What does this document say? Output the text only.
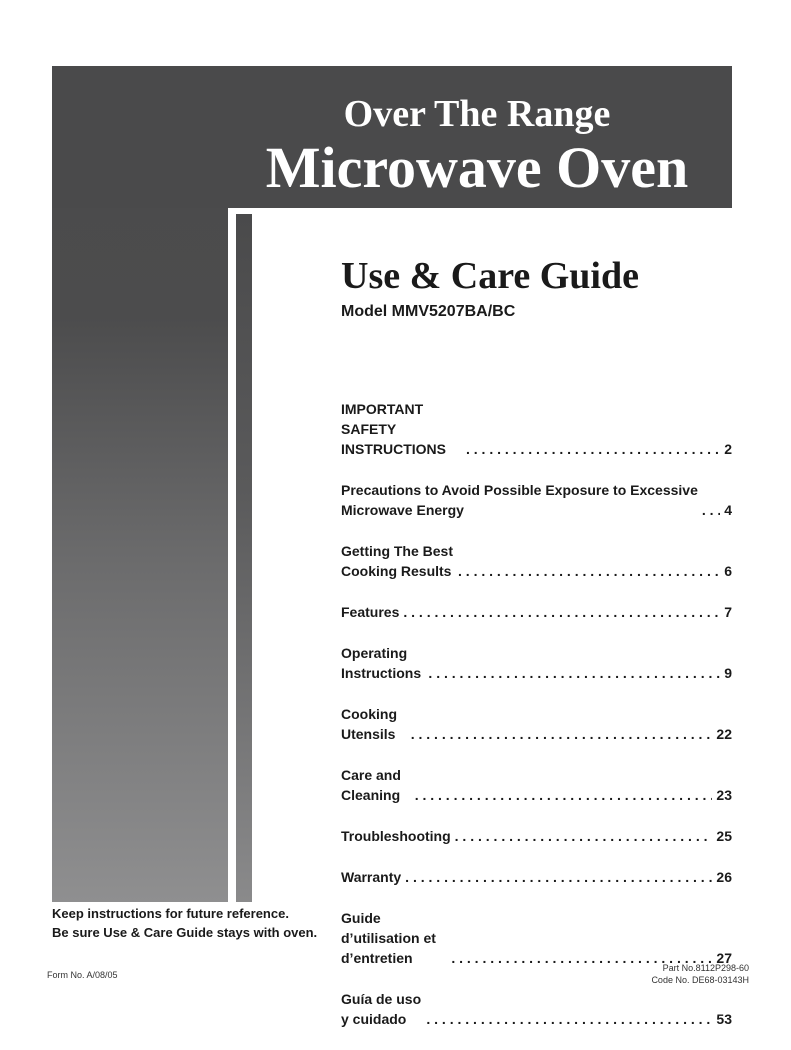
Over The Range
Microwave Oven
Use & Care Guide
Model MMV5207BA/BC
IMPORTANT SAFETY INSTRUCTIONS . . .	2
Precautions to Avoid Possible Exposure to Excessive
Microwave Energy . . .	4
Getting The Best Cooking Results . . .	6
Features . . .	7
Operating Instructions . . .	9
Cooking Utensils . . .	22
Care and Cleaning . . .	23
Troubleshooting . . .	25
Warranty . . .	26
Guide d’utilisation et d’entretien . . .	27
Guía de uso y cuidado . . .	53
Keep instructions for future reference.
Be sure Use & Care Guide stays with oven.
Form No. A/08/05
Part No.8112P298-60
Code No. DE68-03143H
